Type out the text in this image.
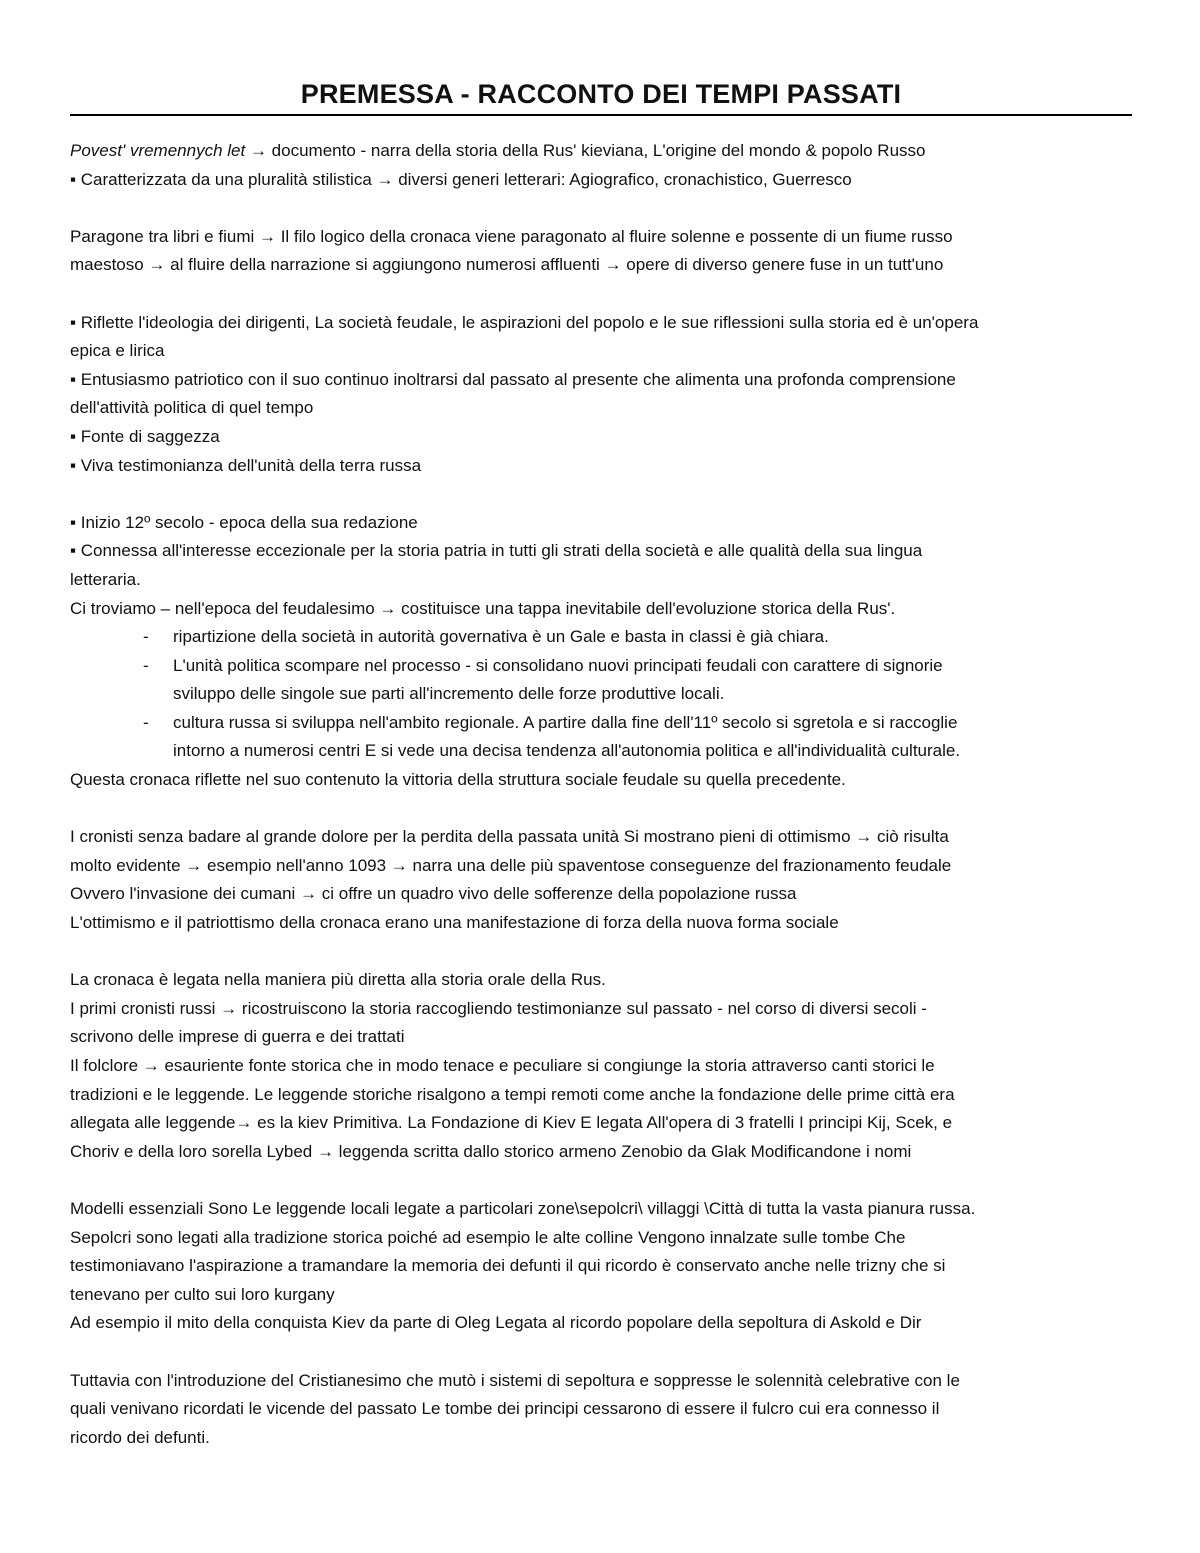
PREMESSA - RACCONTO DEI TEMPI PASSATI
Povest' vremennych let → documento - narra della storia della Rus' kieviana, L'origine del mondo & popolo Russo
▪ Caratterizzata da una pluralità stilistica → diversi generi letterari: Agiografico, cronachistico, Guerresco
Paragone tra libri e fiumi → Il filo logico della cronaca viene paragonato al fluire solenne e possente di un fiume russo
maestoso → al fluire della narrazione si aggiungono numerosi affluenti → opere di diverso genere fuse in un tutt'uno
▪ Riflette l'ideologia dei dirigenti, La società feudale, le aspirazioni del popolo e le sue riflessioni sulla storia ed è un'opera
epica e lirica
▪ Entusiasmo patriotico con il suo continuo inoltrarsi dal passato al presente che alimenta una profonda comprensione
dell'attività politica di quel tempo
▪ Fonte di saggezza
▪ Viva testimonianza dell'unità della terra russa
▪ Inizio 12º secolo - epoca della sua redazione
▪ Connessa all'interesse eccezionale per la storia patria in tutti gli strati della società e alle qualità della sua lingua
letteraria.
Ci troviamo – nell'epoca del feudalesimo → costituisce una tappa inevitabile dell'evoluzione storica della Rus'.
- ripartizione della società in autorità governativa è un Gale e basta in classi è già chiara.
- L'unità politica scompare nel processo - si consolidano nuovi principati feudali con carattere di signorie
sviluppo delle singole sue parti all'incremento delle forze produttive locali.
- cultura russa si sviluppa nell'ambito regionale. A partire dalla fine dell'11º secolo si sgretola e si raccoglie
intorno a numerosi centri E si vede una decisa tendenza all'autonomia politica e all'individualità culturale.
Questa cronaca riflette nel suo contenuto la vittoria della struttura sociale feudale su quella precedente.
I cronisti senza badare al grande dolore per la perdita della passata unità Si mostrano pieni di ottimismo → ciò risulta
molto evidente → esempio nell'anno 1093 → narra una delle più spaventose conseguenze del frazionamento feudale
Ovvero l'invasione dei cumani → ci offre un quadro vivo delle sofferenze della popolazione russa
L'ottimismo e il patriottismo della cronaca erano una manifestazione di forza della nuova forma sociale
La cronaca è legata nella maniera più diretta alla storia orale della Rus.
I primi cronisti russi → ricostruiscono la storia raccogliendo testimonianze sul passato - nel corso di diversi secoli -
scrivono delle imprese di guerra e dei trattati
Il folclore → esauriente fonte storica che in modo tenace e peculiare si congiunge la storia attraverso canti storici le
tradizioni e le leggende. Le leggende storiche risalgono a tempi remoti come anche la fondazione delle prime città era
allegata alle leggende→ es la kiev Primitiva. La Fondazione di Kiev E legata All'opera di 3 fratelli I principi Kij, Scek, e
Choriv e della loro sorella Lybed → leggenda scritta dallo storico armeno Zenobio da Glak Modificandone i nomi
Modelli essenziali Sono Le leggende locali legate a particolari zone\sepolcri\ villaggi \Città di tutta la vasta pianura russa.
Sepolcri sono legati alla tradizione storica poiché ad esempio le alte colline Vengono innalzate sulle tombe Che
testimoniavano l'aspirazione a tramandare la memoria dei defunti il qui ricordo è conservato anche nelle trizny che si
tenevano per culto sui loro kurgany
Ad esempio il mito della conquista Kiev da parte di Oleg Legata al ricordo popolare della sepoltura di Askold e Dir
Tuttavia con l'introduzione del Cristianesimo che mutò i sistemi di sepoltura e soppresse le solennità celebrative con le
quali venivano ricordati le vicende del passato Le tombe dei principi cessarono di essere il fulcro cui era connesso il
ricordo dei defunti.
